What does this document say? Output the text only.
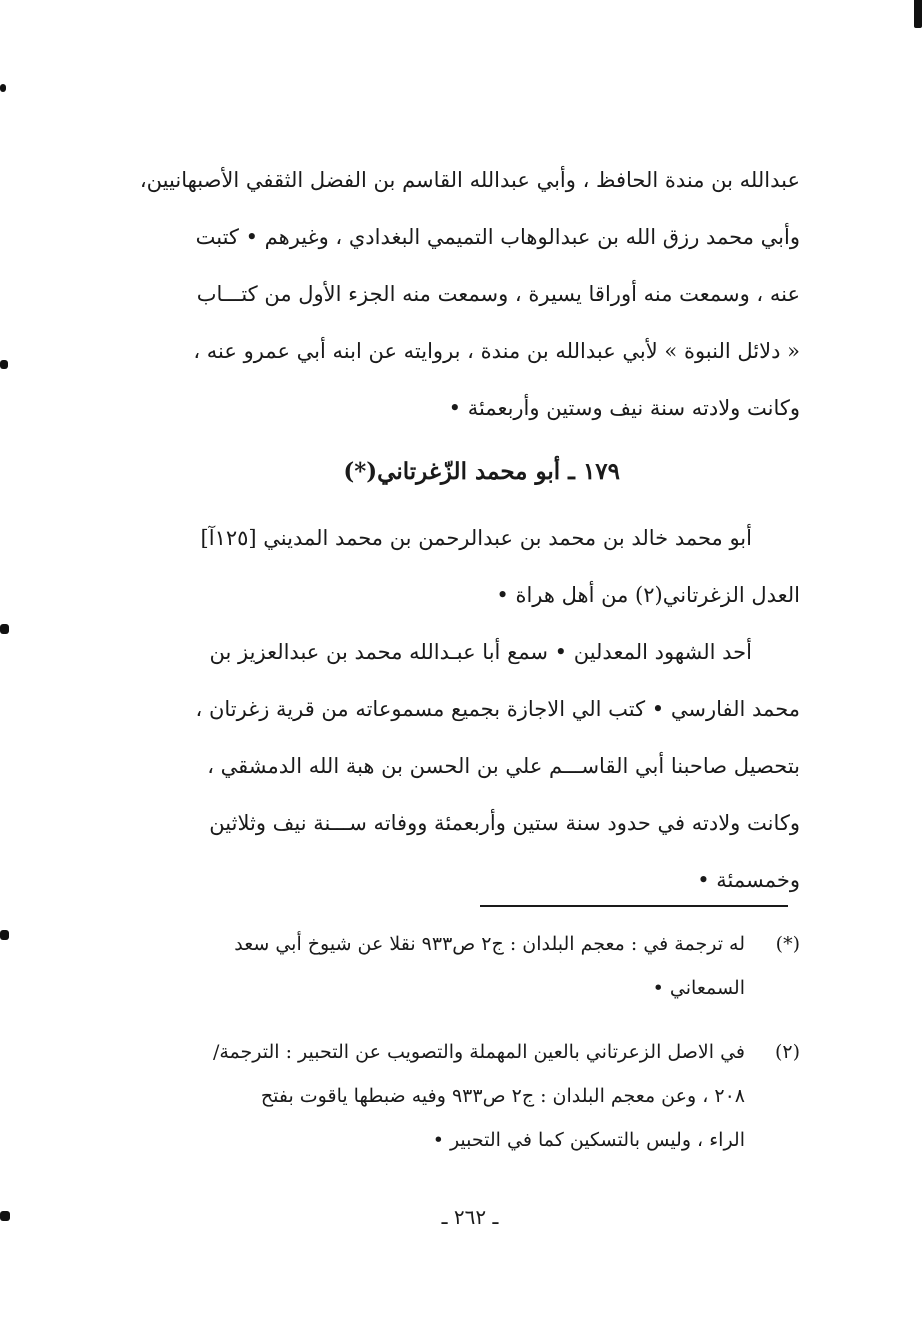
عبدالله بن مندة الحافظ ، وأبي عبدالله القاسم بن الفضل الثقفي الأصبهانيين،
وأبي محمد رزق الله بن عبدالوهاب التميمي البغدادي ، وغيرهم • كتبت
عنه ، وسمعت منه أوراقا يسيرة ، وسمعت منه الجزء الأول من كتـــاب
« دلائل النبوة » لأبي عبدالله بن مندة ، بروايته عن ابنه أبي عمرو عنه ،
وكانت ولادته سنة نيف وستين وأربعمئة •
١٧٩ ـ أبو محمد الزّغرتاني(*)
أبو محمد خالد بن محمد بن عبدالرحمن بن محمد المديني [١٢٥آ]
العدل الزغرتاني(٢) من أهل هراة •
أحد الشهود المعدلين • سمع أبا عبـدالله محمد بن عبدالعزيز بن
محمد الفارسي • كتب الي الاجازة بجميع مسموعاته من قرية زغرتان ،
بتحصيل صاحبنا أبي القاســـم علي بن الحسن بن هبة الله الدمشقي ،
وكانت ولادته في حدود سنة ستين وأربعمئة ووفاته ســـنة نيف وثلاثين
وخمسمئة •
(*)
له ترجمة في : معجم البلدان : ج٢ ص٩٣٣ نقلا عن شيوخ أبي سعد
السمعاني •
(٢)
في الاصل الزعرتاني بالعين المهملة والتصويب عن التحبير : الترجمة/
٢٠٨ ، وعن معجم البلدان : ج٢ ص٩٣٣ وفيه ضبطها ياقوت بفتح
الراء ، وليس بالتسكين كما في التحبير •
ـ ٢٦٢ ـ
